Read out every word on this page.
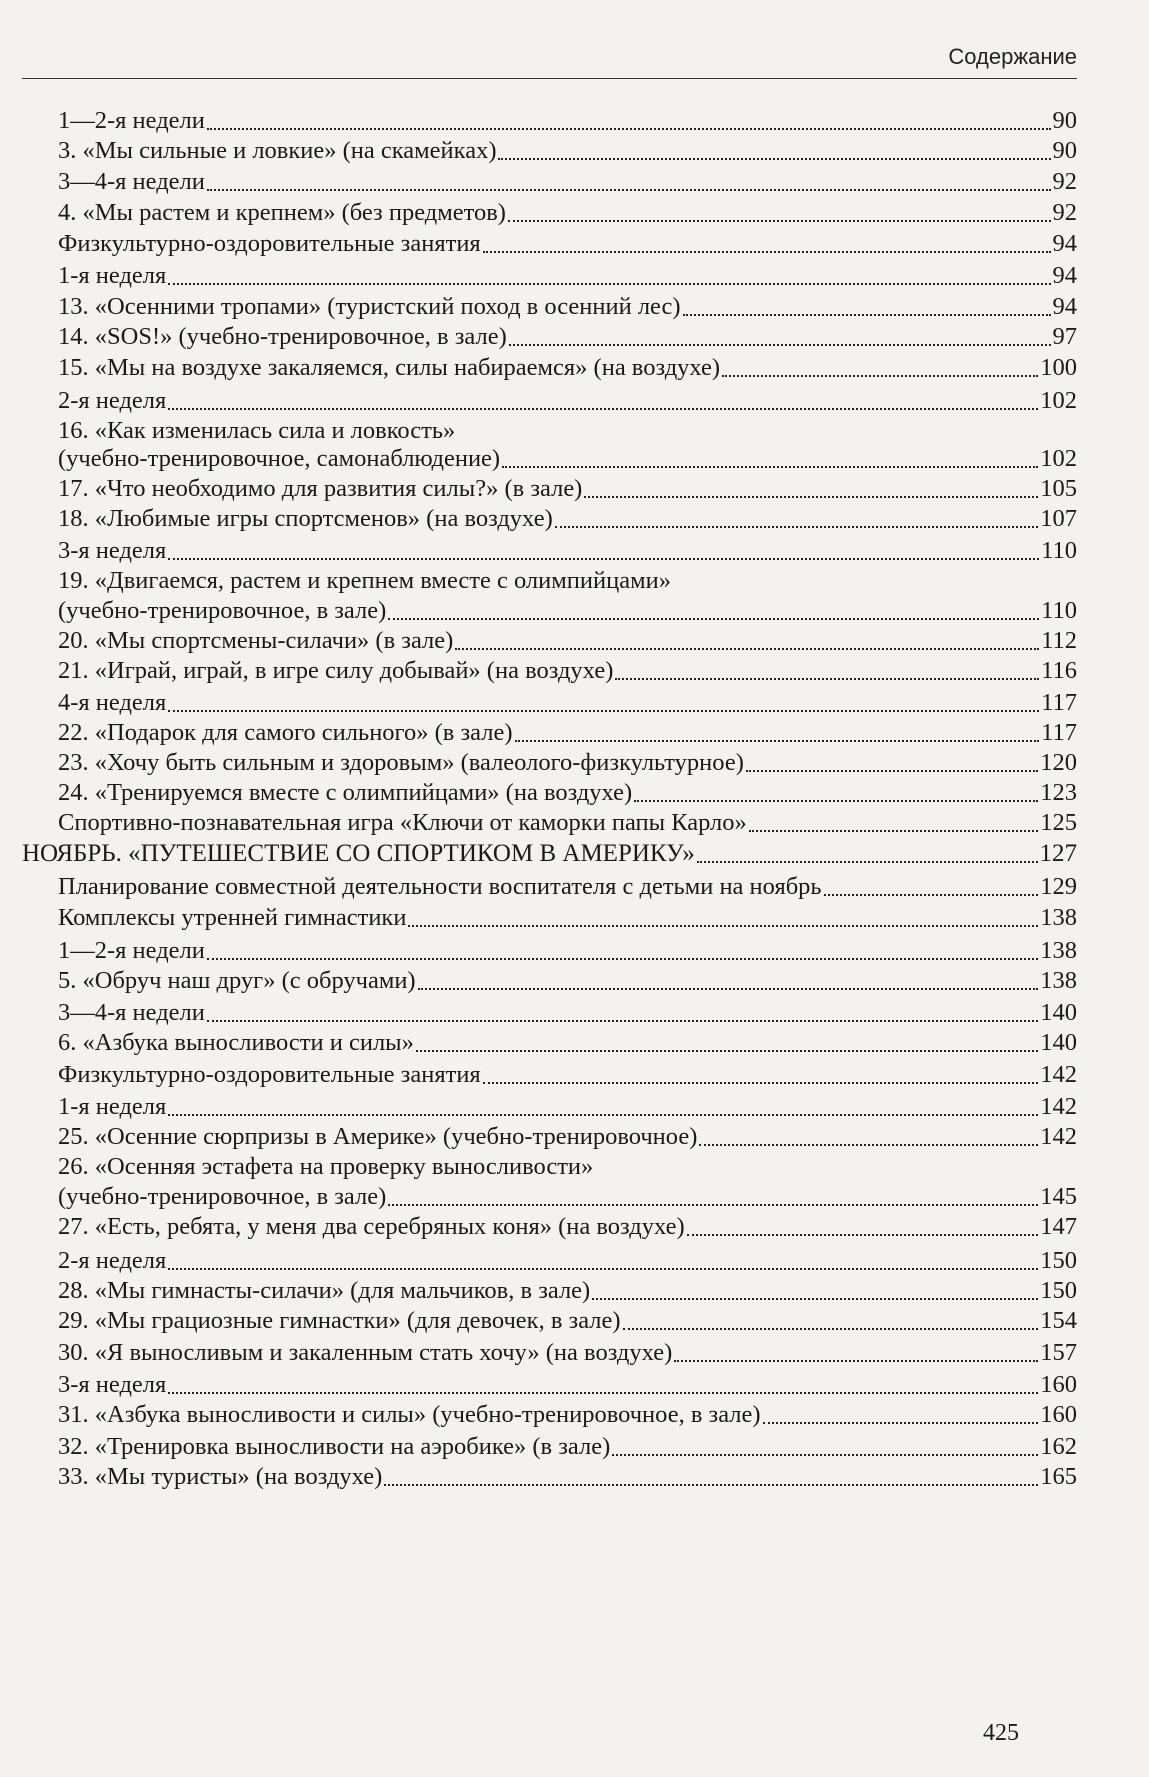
Содержание
1—2-я недели	90
3. «Мы сильные и ловкие» (на скамейках)	90
3—4-я недели	92
4. «Мы растем и крепнем» (без предметов)	92
Физкультурно-оздоровительные занятия	94
1-я неделя	94
13. «Осенними тропами» (туристский поход в осенний лес)	94
14. «SOS!» (учебно-тренировочное, в зале)	97
15. «Мы на воздухе закаляемся, силы набираемся» (на воздухе)	100
2-я неделя	102
16. «Как изменилась сила и ловкость»
(учебно-тренировочное, самонаблюдение)	102
17. «Что необходимо для развития силы?» (в зале)	105
18. «Любимые игры спортсменов» (на воздухе)	107
3-я неделя	110
19. «Двигаемся, растем и крепнем вместе с олимпийцами»
(учебно-тренировочное, в зале)	110
20. «Мы спортсмены-силачи» (в зале)	112
21. «Играй, играй, в игре силу добывай» (на воздухе)	116
4-я неделя	117
22. «Подарок для самого сильного» (в зале)	117
23. «Хочу быть сильным и здоровым» (валеолого-физкультурное)	120
24. «Тренируемся вместе с олимпийцами» (на воздухе)	123
Спортивно-познавательная игра «Ключи от каморки папы Карло»	125
НОЯБРЬ. «ПУТЕШЕСТВИЕ СО СПОРТИКОМ В АМЕРИКУ»	127
Планирование совместной деятельности воспитателя с детьми на ноябрь	129
Комплексы утренней гимнастики	138
1—2-я недели	138
5. «Обруч наш друг» (с обручами)	138
3—4-я недели	140
6. «Азбука выносливости и силы»	140
Физкультурно-оздоровительные занятия	142
1-я неделя	142
25. «Осенние сюрпризы в Америке» (учебно-тренировочное)	142
26. «Осенняя эстафета на проверку выносливости»
(учебно-тренировочное, в зале)	145
27. «Есть, ребята, у меня два серебряных коня» (на воздухе)	147
2-я неделя	150
28. «Мы гимнасты-силачи» (для мальчиков, в зале)	150
29. «Мы грациозные гимнастки» (для девочек, в зале)	154
30. «Я выносливым и закаленным стать хочу» (на воздухе)	157
3-я неделя	160
31. «Азбука выносливости и силы» (учебно-тренировочное, в зале)	160
32. «Тренировка выносливости на аэробике» (в зале)	162
33. «Мы туристы» (на воздухе)	165
425
